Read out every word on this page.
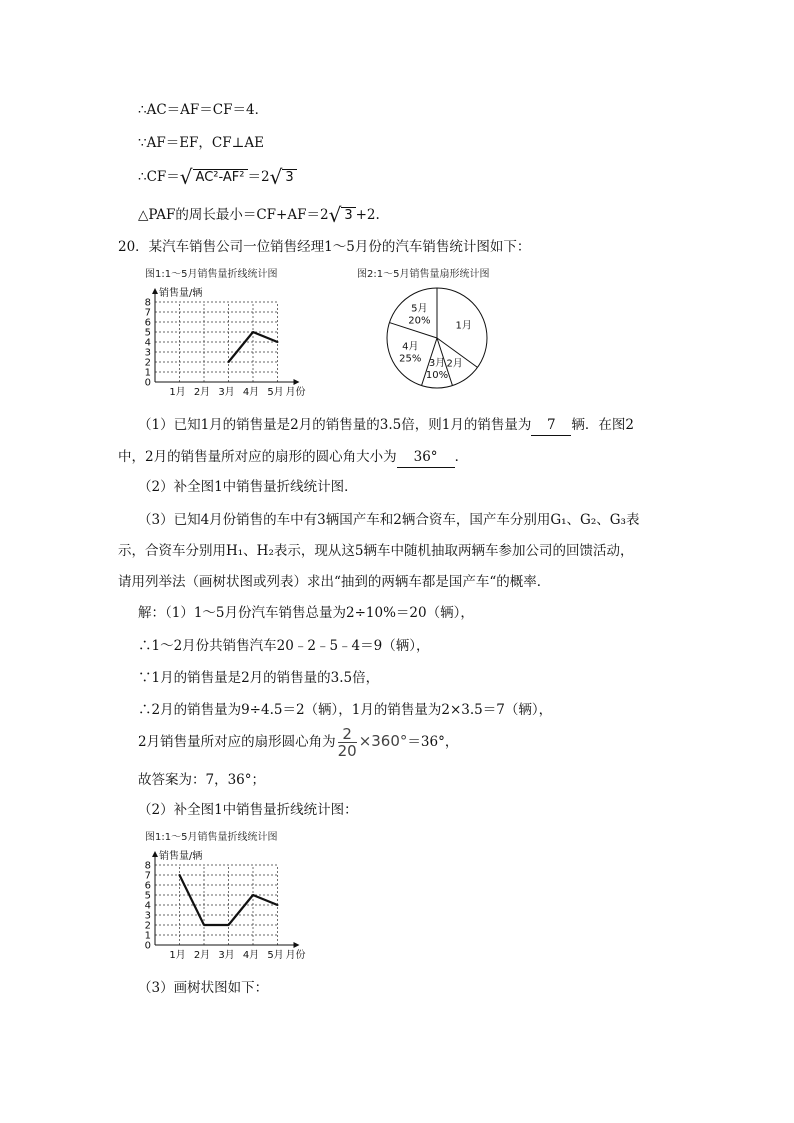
∴AC＝AF＝CF＝4．
∵AF＝EF，CF⊥AE
∴CF＝√ AC²-AF² ＝2√ 3
△PAF的周长最小＝CF+AF＝2√ 3 +2.
20．某汽车销售公司一位销售经理1～5月份的汽车销售统计图如下：
图1:1～5月销售量折线统计图
销售量/辆
0
1
2
3
4
5
6
7
8
1月 2月 3月 4月 5月 月份
图2:1～5月销售量扇形统计图
1月
2月
3月
10%
4月
25%
5月
20%
（1）已知1月的销售量是2月的销售量的3.5倍，则1月的销售量为 7 辆．在图2
中，2月的销售量所对应的扇形的圆心角大小为 36° ．
（2）补全图1中销售量折线统计图．
（3）已知4月份销售的车中有3辆国产车和2辆合资车，国产车分别用G₁、G₂、G₃表
示，合资车分别用H₁、H₂表示，现从这5辆车中随机抽取两辆车参加公司的回馈活动，
请用列举法（画树状图或列表）求出“抽到的两辆车都是国产车“的概率．
解：（1）1～5月份汽车销售总量为2÷10%＝20（辆），
∴1～2月份共销售汽车20﹣2﹣5﹣4＝9（辆），
∵1月的销售量是2月的销售量的3.5倍，
∴2月的销售量为9÷4.5＝2（辆），1月的销售量为2×3.5＝7（辆），
2月销售量所对应的扇形圆心角为 $\frac{2}{20} \times 360^\circ=36^\circ$，
故答案为：7，36°；
（2）补全图1中销售量折线统计图：
图1:1～5月销售量折线统计图
销售量/辆
0
1
2
3
4
5
6
7
8
1月 2月 3月 4月 5月 月份
（3）画树状图如下：
